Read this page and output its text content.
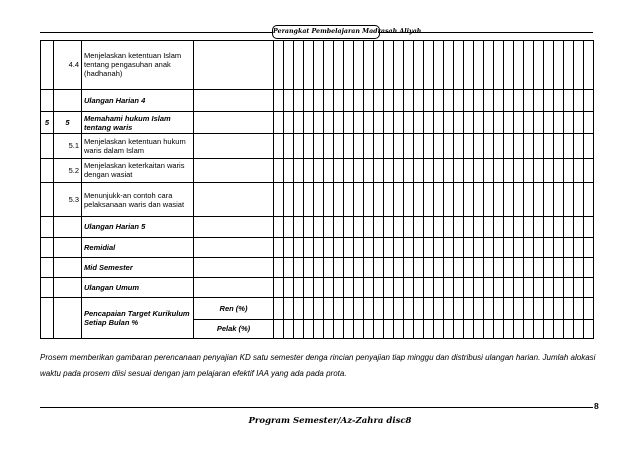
Perangkat Pembelajaran Madrasah Aliyah
	4.4	Menjelaskan ketentuan Islam tentang pengasuhan anak (hadhanah)																																	
		Ulangan Harian 4																																	
5	5	Memahami hukum Islam tentang waris																																	
	5.1	Menjelaskan ketentuan hukum waris dalam Islam																																	
	5.2	Menjelaskan keterkaitan waris dengan wasiat																																	
	5.3	Menunjukk-an contoh cara pelaksanaan waris dan wasiat																																	
		Ulangan Harian 5																																	
		Remidial																																	
		Mid Semester																																	
		Ulangan Umum																																	
		Pencapaian Target Kurikulum Setiap Bulan %	Ren (%)																																
			Pelak (%)																																
Prosem memberikan gambaran perencanaan penyajian KD satu semester denga rincian penyajian tiap minggu dan distribusi ulangan harian. Jumlah alokasi waktu pada prosem diisi sesuai dengan jam pelajaran efektif IAA yang ada pada prota.
Program Semester/Az-Zahra disc8
8
